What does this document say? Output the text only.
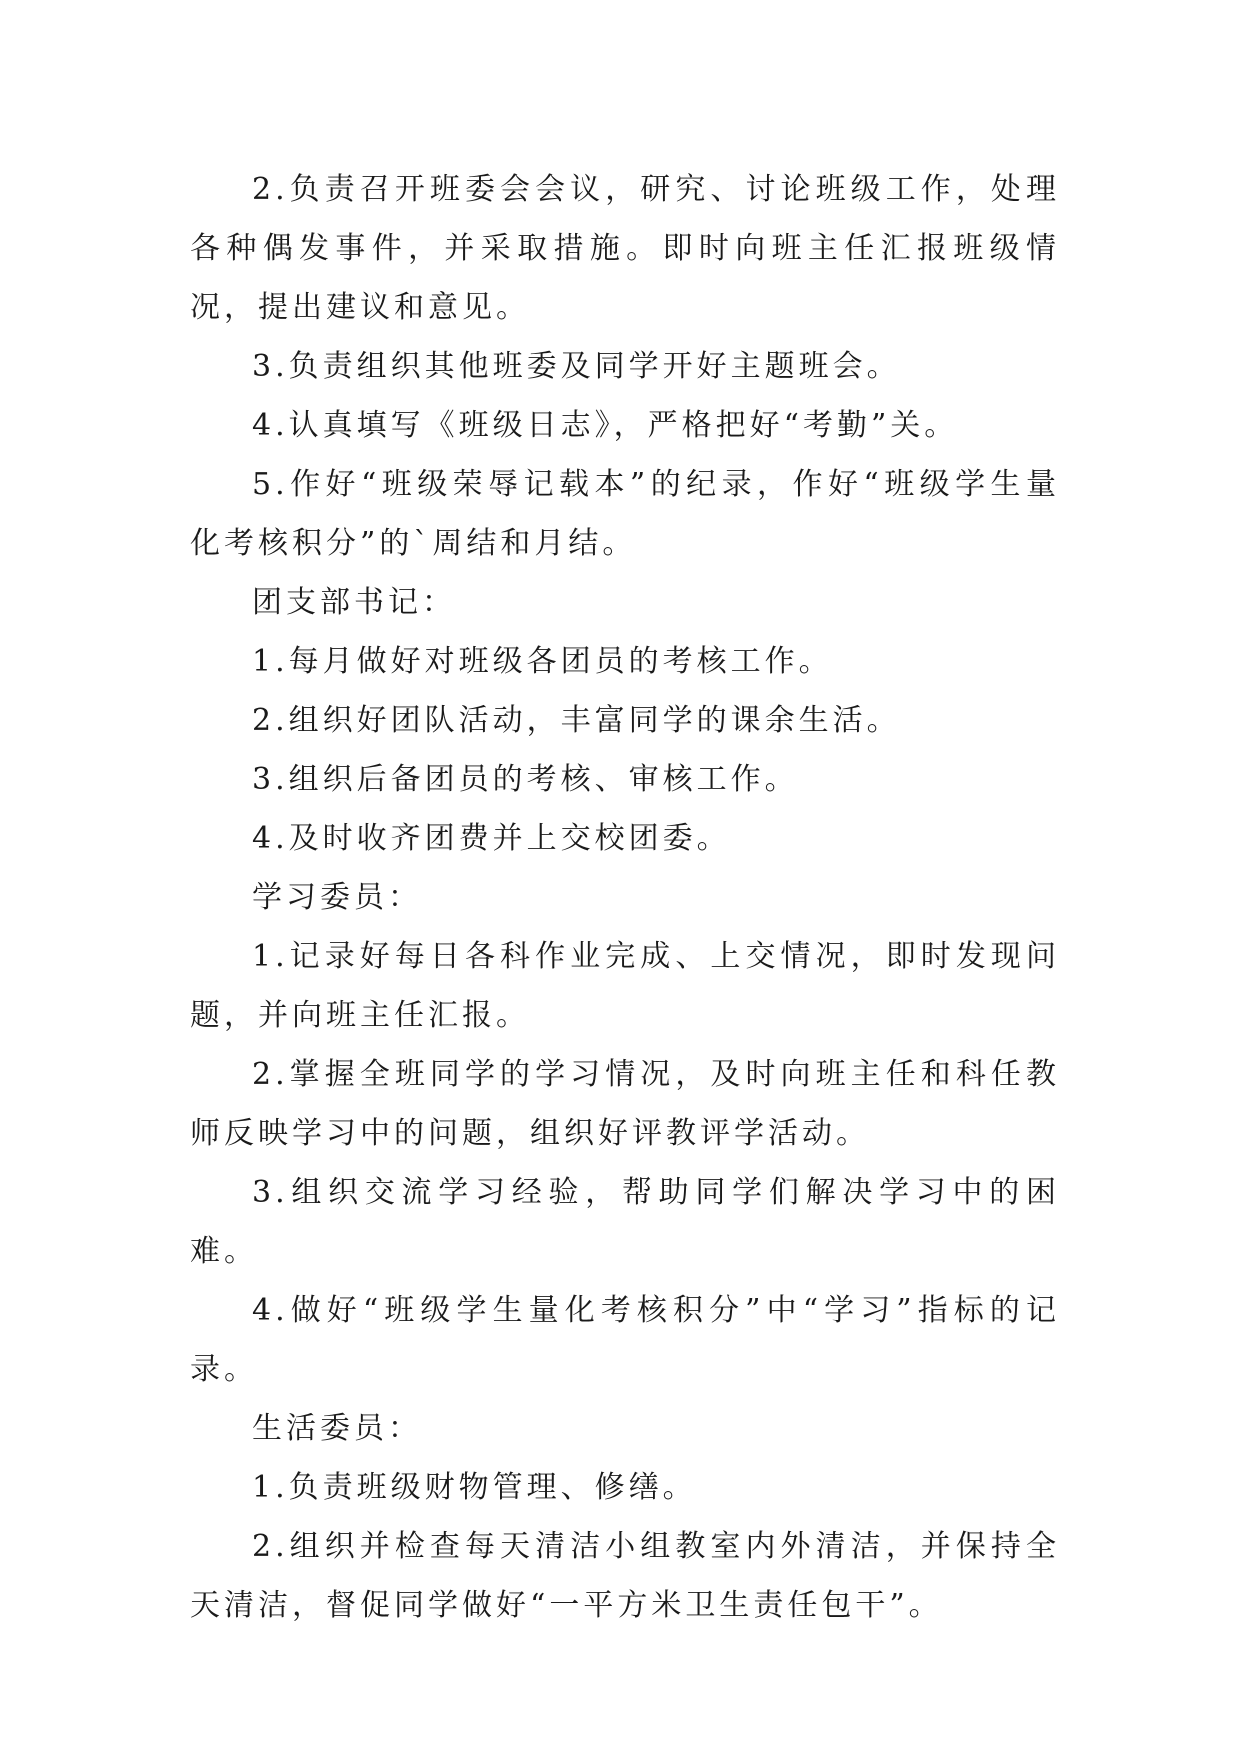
2.负责召开班委会会议，研究、讨论班级工作，处理各种偶发事件，并采取措施。即时向班主任汇报班级情况，提出建议和意见。

3.负责组织其他班委及同学开好主题班会。

4.认真填写《班级日志》，严格把好“考勤”关。

5.作好“班级荣辱记载本”的纪录，作好“班级学生量化考核积分”的`周结和月结。

团支部书记：

1.每月做好对班级各团员的考核工作。

2.组织好团队活动，丰富同学的课余生活。

3.组织后备团员的考核、审核工作。

4.及时收齐团费并上交校团委。

学习委员：

1.记录好每日各科作业完成、上交情况，即时发现问题，并向班主任汇报。

2.掌握全班同学的学习情况，及时向班主任和科任教师反映学习中的问题，组织好评教评学活动。

3.组织交流学习经验，帮助同学们解决学习中的困难。

4.做好“班级学生量化考核积分”中“学习”指标的记录。

生活委员：

1.负责班级财物管理、修缮。

2.组织并检查每天清洁小组教室内外清洁，并保持全天清洁，督促同学做好“一平方米卫生责任包干”。
